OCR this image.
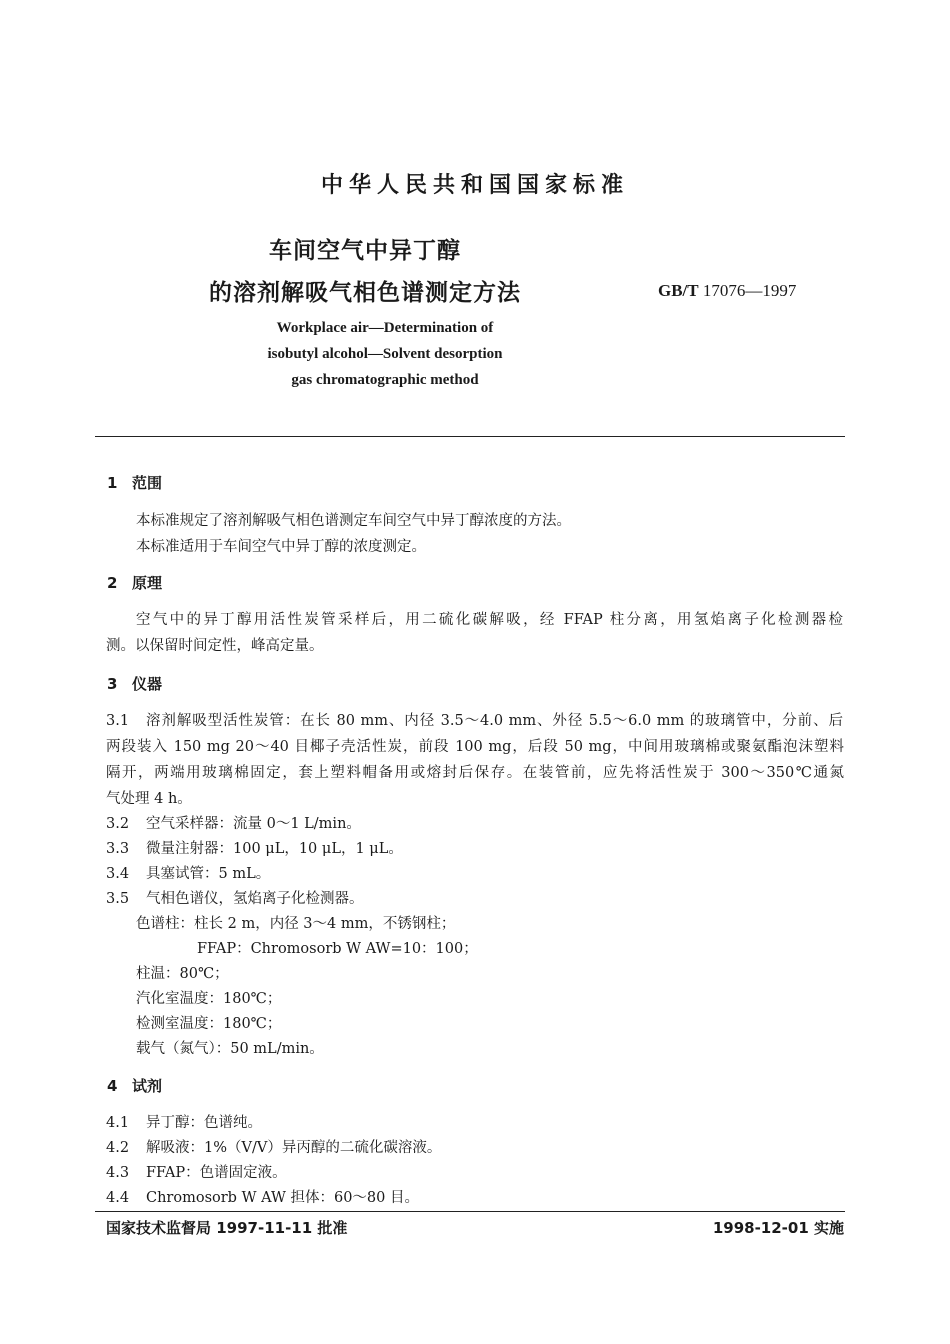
中华人民共和国国家标准
车间空气中异丁醇
的溶剂解吸气相色谱测定方法	GB/T 17076—1997
Workplace air—Determination of
isobutyl alcohol—Solvent desorption
gas chromatographic method
1 范围
本标准规定了溶剂解吸气相色谱测定车间空气中异丁醇浓度的方法。
本标准适用于车间空气中异丁醇的浓度测定。
2 原理
空气中的异丁醇用活性炭管采样后，用二硫化碳解吸，经 FFAP 柱分离，用氢焰离子化检测器检
测。以保留时间定性，峰高定量。
3 仪器
3.1 溶剂解吸型活性炭管：在长 80 mm、内径 3.5～4.0 mm、外径 5.5～6.0 mm 的玻璃管中，分前、后
两段装入 150 mg 20～40 目椰子壳活性炭，前段 100 mg，后段 50 mg，中间用玻璃棉或聚氨酯泡沫塑料
隔开，两端用玻璃棉固定，套上塑料帽备用或熔封后保存。在装管前，应先将活性炭于 300～350℃通氮
气处理 4 h。
3.2 空气采样器：流量 0～1 L/min。
3.3 微量注射器：100 μL，10 μL，1 μL。
3.4 具塞试管：5 mL。
3.5 气相色谱仪，氢焰离子化检测器。
色谱柱：柱长 2 m，内径 3～4 mm，不锈钢柱；
FFAP：Chromosorb W AW=10：100；
柱温：80℃；
汽化室温度：180℃；
检测室温度：180℃；
载气（氮气）：50 mL/min。
4 试剂
4.1 异丁醇：色谱纯。
4.2 解吸液：1%（V/V）异丙醇的二硫化碳溶液。
4.3 FFAP：色谱固定液。
4.4 Chromosorb W AW 担体：60～80 目。
国家技术监督局 1997-11-11 批准	1998-12-01 实施
